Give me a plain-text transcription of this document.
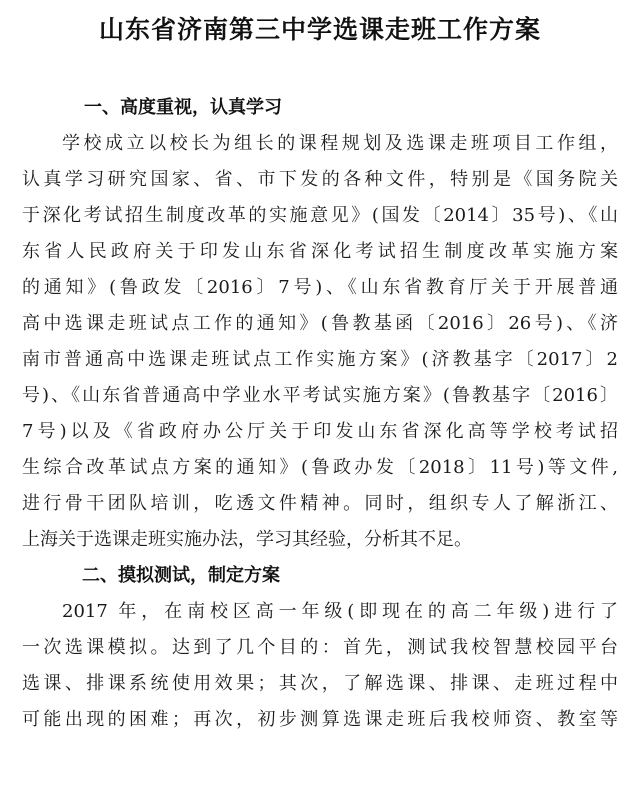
山东省济南第三中学选课走班工作方案
一、高度重视，认真学习
学校成立以校长为组长的课程规划及选课走班项目工作组，
认真学习研究国家、省、市下发的各种文件，特别是《国务院关
于深化考试招生制度改革的实施意见》(国发〔2014〕35号)、《山
东省人民政府关于印发山东省深化考试招生制度改革实施方案
的通知》(鲁政发〔2016〕7号)、《山东省教育厅关于开展普通
高中选课走班试点工作的通知》(鲁教基函〔2016〕26号)、《济
南市普通高中选课走班试点工作实施方案》(济教基字〔2017〕2
号)、《山东省普通高中学业水平考试实施方案》(鲁教基字〔2016〕
7号)以及《省政府办公厅关于印发山东省深化高等学校考试招
生综合改革试点方案的通知》(鲁政办发〔2018〕11号)等文件,
进行骨干团队培训，吃透文件精神。同时，组织专人了解浙江、
上海关于选课走班实施办法，学习其经验，分析其不足。
二、摸拟测试，制定方案
2017 年，在南校区高一年级(即现在的高二年级)进行了
一次选课模拟。达到了几个目的：首先，测试我校智慧校园平台
选课、排课系统使用效果；其次，了解选课、排课、走班过程中
可能出现的困难；再次，初步测算选课走班后我校师资、教室等
